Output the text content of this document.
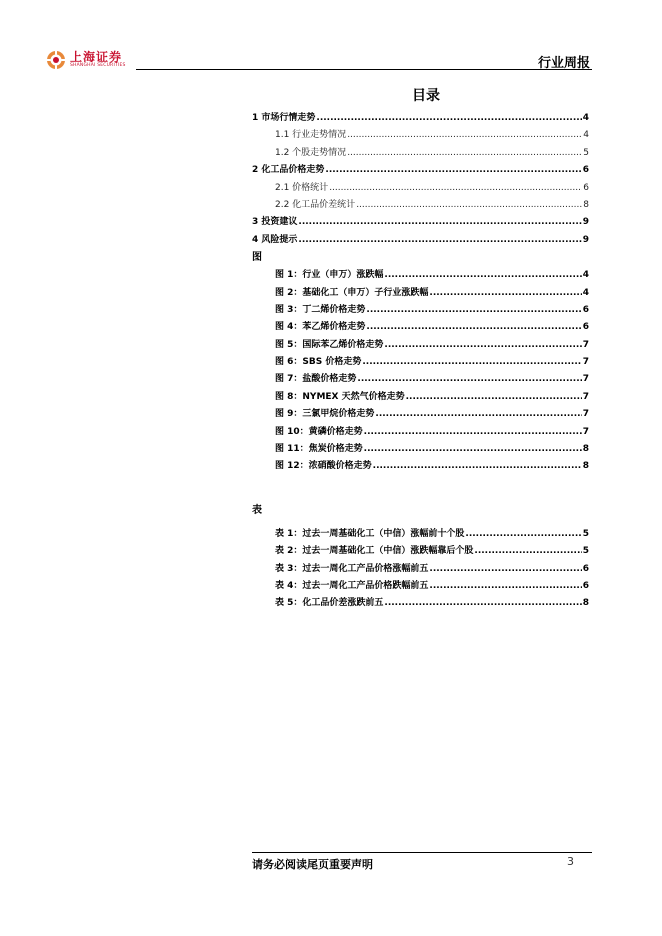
上海证券
SHANGHAI SECURITIES	行业周报
目录
1 市场行情走势 .....	4
1.1 行业走势情况 .....	4
1.2 个股走势情况 .....	5
2 化工品价格走势 .....	6
2.1 价格统计 .....	6
2.2 化工品价差统计 .....	8
3 投资建议 .....	9
4 风险提示 .....	9
图
图 1：行业（申万）涨跌幅 .....	4
图 2：基础化工（申万）子行业涨跌幅 .....	4
图 3：丁二烯价格走势 .....	6
图 4：苯乙烯价格走势 .....	6
图 5：国际苯乙烯价格走势 .....	7
图 6：SBS 价格走势 .....	7
图 7：盐酸价格走势 .....	7
图 8：NYMEX 天然气价格走势 .....	7
图 9：三氯甲烷价格走势 .....	7
图 10：黄磷价格走势 .....	7
图 11：焦炭价格走势 .....	8
图 12：浓硝酸价格走势 .....	8
表
表 1：过去一周基础化工（中信）涨幅前十个股 .....	5
表 2：过去一周基础化工（中信）涨跌幅靠后个股 .....	5
表 3：过去一周化工产品价格涨幅前五 .....	6
表 4：过去一周化工产品价格跌幅前五 .....	6
表 5：化工品价差涨跌前五 .....	8
请务必阅读尾页重要声明	3
